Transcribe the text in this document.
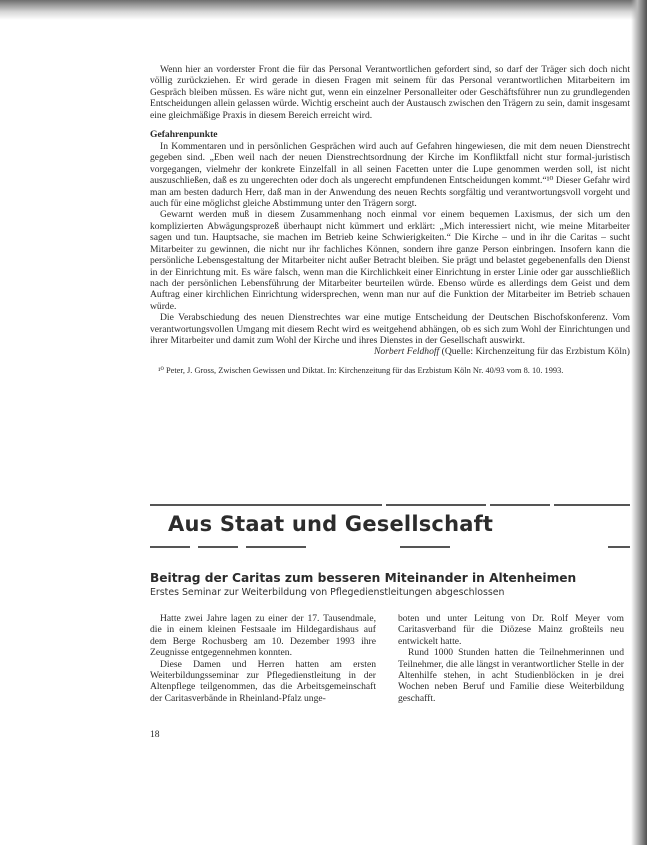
Wenn hier an vorderster Front die für das Personal Verantwortlichen gefordert sind, so darf der Träger sich doch nicht völlig zurückziehen. Er wird gerade in diesen Fragen mit seinem für das Personal verantwortlichen Mitarbeitern im Gespräch bleiben müssen. Es wäre nicht gut, wenn ein einzelner Personalleiter oder Geschäftsführer nun zu grundlegenden Entscheidungen allein gelassen würde. Wichtig erscheint auch der Austausch zwischen den Trägern zu sein, damit insgesamt eine gleichmäßige Praxis in diesem Bereich erreicht wird.

Gefahrenpunkte

In Kommentaren und in persönlichen Gesprächen wird auch auf Gefahren hingewiesen, die mit dem neuen Dienstrecht gegeben sind. „Eben weil nach der neuen Dienstrechtsordnung der Kirche im Konfliktfall nicht stur formal-juristisch vorgegangen, vielmehr der konkrete Einzelfall in all seinen Facetten unter die Lupe genommen werden soll, ist nicht auszuschließen, daß es zu ungerechten oder doch als ungerecht empfundenen Entscheidungen kommt.“¹⁰ Dieser Gefahr wird man am besten dadurch Herr, daß man in der Anwendung des neuen Rechts sorgfältig und verantwortungsvoll vorgeht und auch für eine möglichst gleiche Abstimmung unter den Trägern sorgt.

Gewarnt werden muß in diesem Zusammenhang noch einmal vor einem bequemen Laxismus, der sich um den komplizierten Abwägungsprozeß überhaupt nicht kümmert und erklärt: „Mich interessiert nicht, wie meine Mitarbeiter sagen und tun. Hauptsache, sie machen im Betrieb keine Schwierigkeiten.“ Die Kirche – und in ihr die Caritas – sucht Mitarbeiter zu gewinnen, die nicht nur ihr fachliches Können, sondern ihre ganze Person einbringen. Insofern kann die persönliche Lebensgestaltung der Mitarbeiter nicht außer Betracht bleiben. Sie prägt und belastet gegebenenfalls den Dienst in der Einrichtung mit. Es wäre falsch, wenn man die Kirchlichkeit einer Einrichtung in erster Linie oder gar ausschließlich nach der persönlichen Lebensführung der Mitarbeiter beurteilen würde. Ebenso würde es allerdings dem Geist und dem Auftrag einer kirchlichen Einrichtung widersprechen, wenn man nur auf die Funktion der Mitarbeiter im Betrieb schauen würde.

Die Verabschiedung des neuen Dienstrechtes war eine mutige Entscheidung der Deutschen Bischofskonferenz. Vom verantwortungsvollen Umgang mit diesem Recht wird es weitgehend abhängen, ob es sich zum Wohl der Einrichtungen und ihrer Mitarbeiter und damit zum Wohl der Kirche und ihres Dienstes in der Gesellschaft auswirkt.

Norbert Feldhoff (Quelle: Kirchenzeitung für das Erzbistum Köln)
¹⁰ Peter, J. Gross, Zwischen Gewissen und Diktat. In: Kirchenzeitung für das Erzbistum Köln Nr. 40/93 vom 8. 10. 1993.
Aus Staat und Gesellschaft
Beitrag der Caritas zum besseren Miteinander in Altenheimen
Erstes Seminar zur Weiterbildung von Pflegedienstleitungen abgeschlossen

Hatte zwei Jahre lagen zu einer der 17. Tausendmale, die in einem kleinen Festsaale im Hildegardishaus auf dem Berge Rochusberg am 10. Dezember 1993 ihre Zeugnisse entgegennehmen konnten.

Diese Damen und Herren hatten am ersten Weiterbildungsseminar zur Pflegedienstleitung in der Altenpflege teilgenommen, das die Arbeitsgemeinschaft der Caritasverbände in Rheinland-Pfalz unge-

boten und unter Leitung von Dr. Rolf Meyer vom Caritasverband für die Diözese Mainz großteils neu entwickelt hatte.

Rund 1000 Stunden hatten die Teilnehmerinnen und Teilnehmer, die alle längst in verantwortlicher Stelle in der Altenhilfe stehen, in acht Studienblöcken in je drei Wochen neben Beruf und Familie diese Weiterbildung geschafft.

18
